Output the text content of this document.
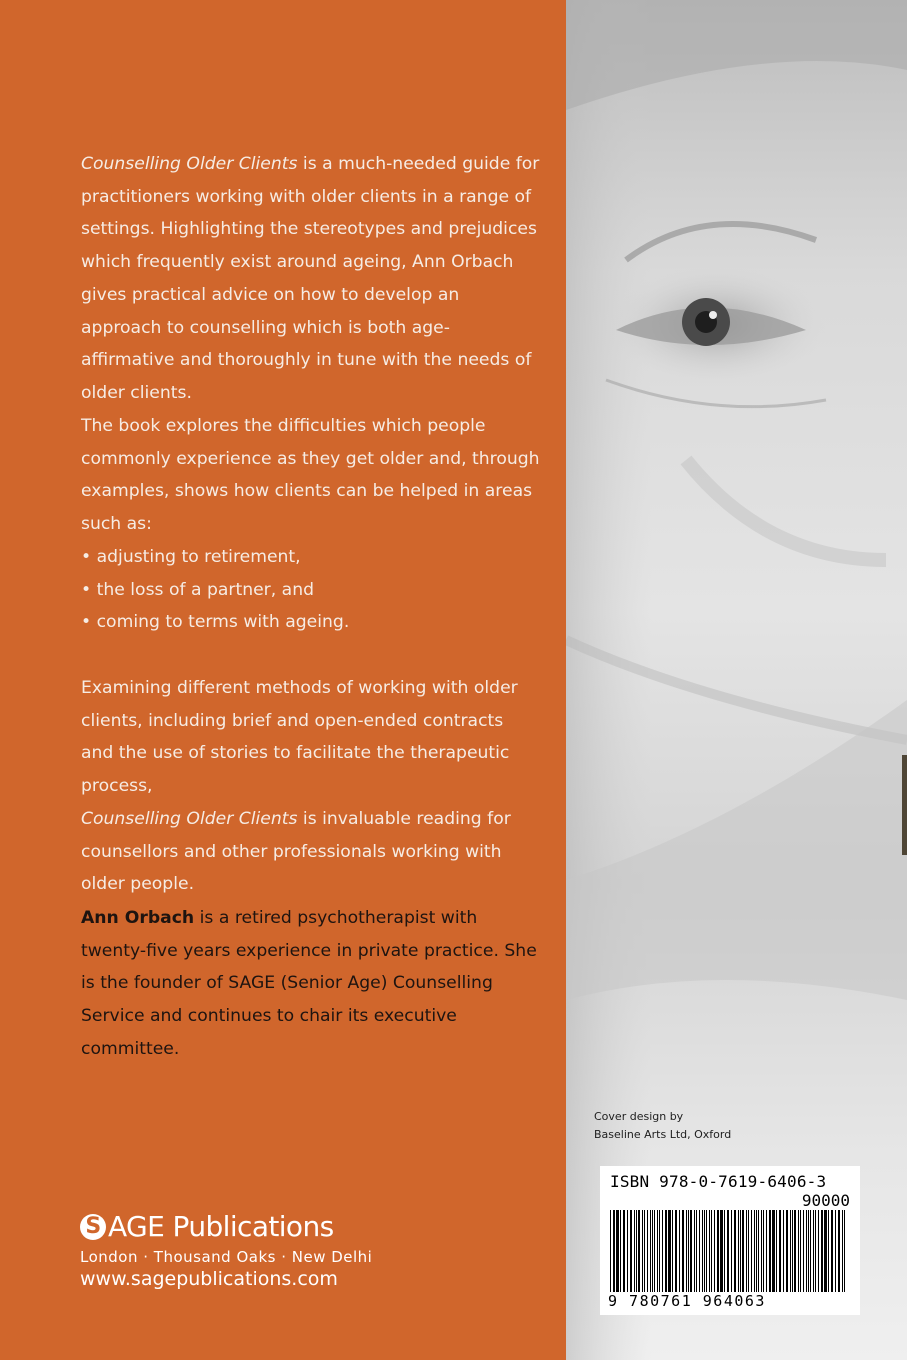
Counselling Older Clients is a much-needed guide for practitioners working with older clients in a range of settings. Highlighting the stereotypes and prejudices which frequently exist around ageing, Ann Orbach gives practical advice on how to develop an approach to counselling which is both age-affirmative and thoroughly in tune with the needs of older clients.

The book explores the difficulties which people commonly experience as they get older and, through examples, shows how clients can be helped in areas such as:

• adjusting to retirement,
• the loss of a partner, and
• coming to terms with ageing.

Examining different methods of working with older clients, including brief and open-ended contracts and the use of stories to facilitate the therapeutic process,
Counselling Older Clients is invaluable reading for counsellors and other professionals working with older people.

Ann Orbach is a retired psychotherapist with twenty-five years experience in private practice. She is the founder of SAGE (Senior Age) Counselling Service and continues to chair its executive committee.

S AGE Publications
London · Thousand Oaks · New Delhi
www.sagepublications.com
Cover design by
Baseline Arts Ltd, Oxford
ISBN 978-0-7619-6406-3
90000
9 780761 964063
